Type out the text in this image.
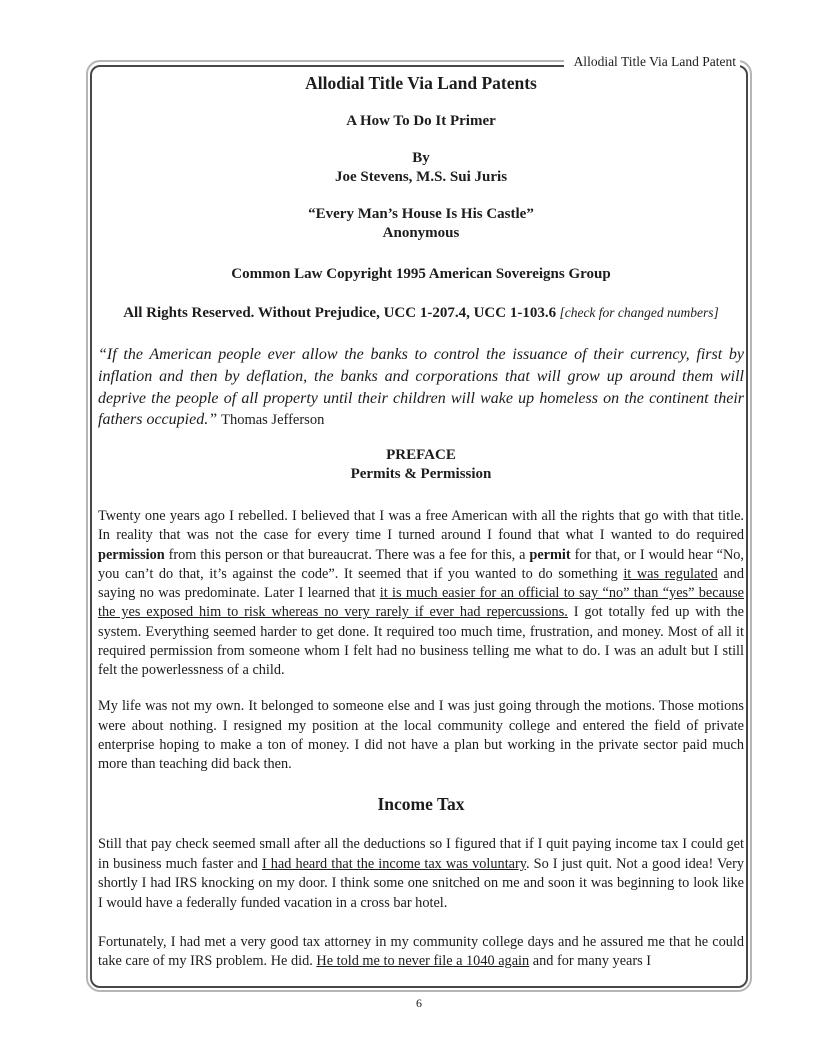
Allodial Title Via Land Patent
Allodial Title Via Land Patents

A How To Do It Primer

By
Joe Stevens, M.S. Sui Juris
“Every Man’s House Is His Castle”
Anonymous

Common Law Copyright 1995 American Sovereigns Group

All Rights Reserved. Without Prejudice, UCC 1-207.4, UCC 1-103.6 [check for changed numbers]

“If the American people ever allow the banks to control the issuance of their currency, first by inflation and then by deflation, the banks and corporations that will grow up around them will deprive the people of all property until their children will wake up homeless on the continent their fathers occupied.” Thomas Jefferson

PREFACE
Permits & Permission

Twenty one years ago I rebelled. I believed that I was a free American with all the rights that go with that title. In reality that was not the case for every time I turned around I found that what I wanted to do required permission from this person or that bureaucrat. There was a fee for this, a permit for that, or I would hear “No, you can’t do that, it’s against the code”. It seemed that if you wanted to do something it was regulated and saying no was predominate. Later I learned that it is much easier for an official to say “no” than “yes” because the yes exposed him to risk whereas no very rarely if ever had repercussions. I got totally fed up with the system. Everything seemed harder to get done. It required too much time, frustration, and money. Most of all it required permission from someone whom I felt had no business telling me what to do. I was an adult but I still felt the powerlessness of a child.

My life was not my own. It belonged to someone else and I was just going through the motions. Those motions were about nothing. I resigned my position at the local community college and entered the field of private enterprise hoping to make a ton of money. I did not have a plan but working in the private sector paid much more than teaching did back then.

Income Tax

Still that pay check seemed small after all the deductions so I figured that if I quit paying income tax I could get in business much faster and I had heard that the income tax was voluntary. So I just quit. Not a good idea! Very shortly I had IRS knocking on my door. I think some one snitched on me and soon it was beginning to look like I would have a federally funded vacation in a cross bar hotel.

Fortunately, I had met a very good tax attorney in my community college days and he assured me that he could take care of my IRS problem. He did. He told me to never file a 1040 again and for many years I

6
